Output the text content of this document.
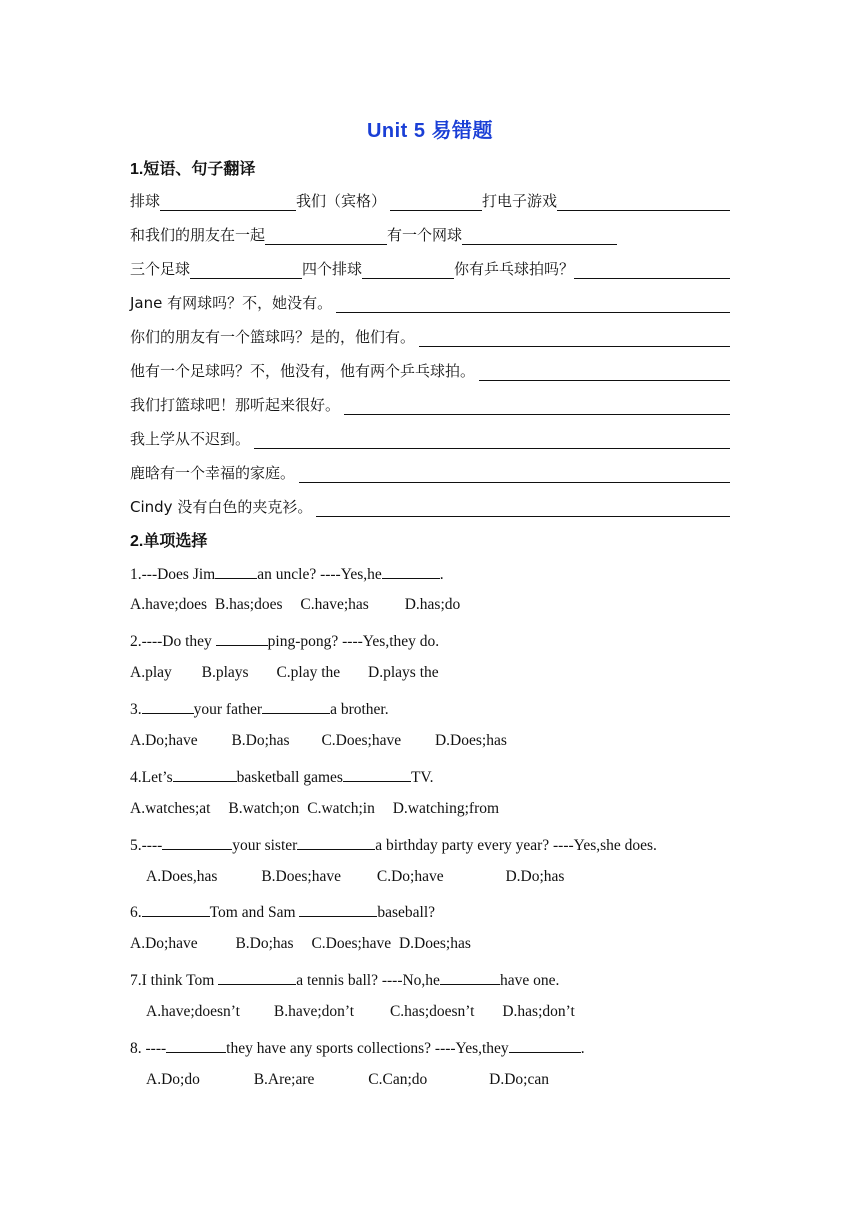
Unit 5 易错题
1.短语、句子翻译
排球	我们（宾格）	打电子游戏
和我们的朋友在一起	有一个网球
三个足球	四个排球	你有乒乓球拍吗？
Jane 有网球吗？不，她没有。
你们的朋友有一个篮球吗？是的，他们有。
他有一个足球吗？不，他没有，他有两个乒乓球拍。
我们打篮球吧！那听起来很好。
我上学从不迟到。
鹿晗有一个幸福的家庭。
Cindy 没有白色的夹克衫。
2.单项选择
1.---Does Jim	an uncle? ----Yes,he	.
A.have;does B.has;does C.have;has D.has;do
2.----Do they	ping-pong? ----Yes,they do.
A.play B.plays C.play the D.plays the
3.	your father	a brother.
A.Do;have B.Do;has C.Does;have D.Does;has
4.Let’s	basketball games	TV.
A.watches;at B.watch;on C.watch;in D.watching;from
5.----	your sister	a birthday party every year? ----Yes,she does.
A.Does,has	B.Does;have C.Do;have	D.Do;has
6.	Tom and Sam	baseball?
A.Do;have B.Do;has C.Does;have D.Does;has
7.I think Tom	a tennis ball? ----No,he	have one.
A.have;doesn’t B.have;don’t C.has;doesn’t D.has;don’t
8. ----	they have any sports collections? ----Yes,they	.
A.Do;do	B.Are;are	C.Can;do	D.Do;can
